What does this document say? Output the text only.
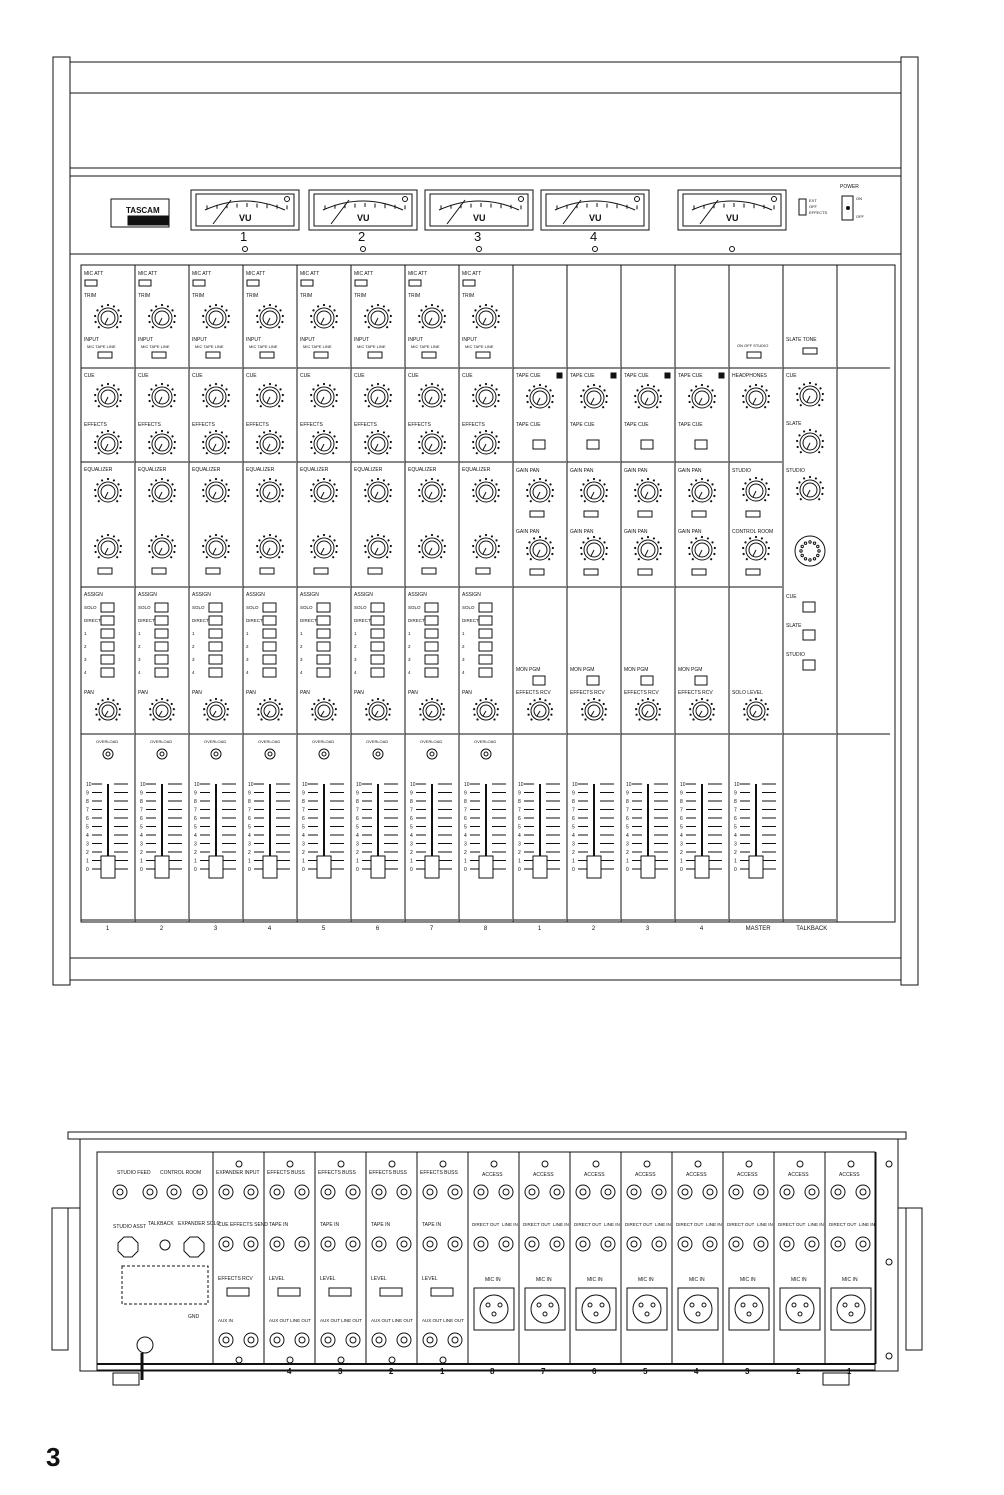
TASCAM
M-35	VU
1
VU
2
VU
3
VU
4
VU
EXT
OFF
EFFECTS
POWER
ON
OFF
MIC ATT
TRIM
INPUT
MIC TAPE LINE
CUE
EFFECTS
EQUALIZER
ASSIGN
SOLO
DIRECT
1
2
3
4
PAN
OVERLOAD
10
9
8
7
6
5
4
3
2
1
0
MIC ATT
TRIM
INPUT
MIC TAPE LINE
CUE
EFFECTS
EQUALIZER
ASSIGN
SOLO
DIRECT
1
2
3
4
PAN
OVERLOAD
10
9
8
7
6
5
4
3
2
1
0
MIC ATT
TRIM
INPUT
MIC TAPE LINE
CUE
EFFECTS
EQUALIZER
ASSIGN
SOLO
DIRECT
1
2
3
4
PAN
OVERLOAD
10
9
8
7
6
5
4
3
2
1
0
MIC ATT
TRIM
INPUT
MIC TAPE LINE
CUE
EFFECTS
EQUALIZER
ASSIGN
SOLO
DIRECT
1
2
3
4
PAN
OVERLOAD
10
9
8
7
6
5
4
3
2
1
0
MIC ATT
TRIM
INPUT
MIC TAPE LINE
CUE
EFFECTS
EQUALIZER
ASSIGN
SOLO
DIRECT
1
2
3
4
PAN
OVERLOAD
10
9
8
7
6
5
4
3
2
1
0
MIC ATT
TRIM
INPUT
MIC TAPE LINE
CUE
EFFECTS
EQUALIZER
ASSIGN
SOLO
DIRECT
1
2
3
4
PAN
OVERLOAD
10
9
8
7
6
5
4
3
2
1
0
MIC ATT
TRIM
INPUT
MIC TAPE LINE
CUE
EFFECTS
EQUALIZER
ASSIGN
SOLO
DIRECT
1
2
3
4
PAN
OVERLOAD
10
9
8
7
6
5
4
3
2
1
0
MIC ATT
TRIM
INPUT
MIC TAPE LINE
CUE
EFFECTS
EQUALIZER
ASSIGN
SOLO
DIRECT
1
2
3
4
PAN
OVERLOAD
10
9
8
7
6
5
4
3
2
1
0
TAPE CUE
TAPE CUE
GAIN PAN
GAIN PAN
MON PGM
EFFECTS RCV
10
9
8
7
6
5
4
3
2
1
0
TAPE CUE
TAPE CUE
GAIN PAN
GAIN PAN
MON PGM
EFFECTS RCV
10
9
8
7
6
5
4
3
2
1
0
TAPE CUE
TAPE CUE
GAIN PAN
GAIN PAN
MON PGM
EFFECTS RCV
10
9
8
7
6
5
4
3
2
1
0
TAPE CUE
TAPE CUE
GAIN PAN
GAIN PAN
MON PGM
EFFECTS RCV
10
9
8
7
6
5
4
3
2
1
0
ON OFF STUDIO
HEADPHONES
STUDIO
CONTROL ROOM
SOLO LEVEL
10
9
8
7
6
5
4
3
2
1
0
SLATE TONE
CUE
SLATE
STUDIO
CUE
SLATE
STUDIO
1	2	3	4	5	6	7	8	1	2	3	4	MASTER	TALKBACK
STUDIO FEED CONTROL ROOM
STUDIO ASST TALKBACK EXPANDER SOLO
GND
EXPANDER INPUT
CUE EFFECTS SEND
EFFECTS RCV
AUX IN
EFFECTS BUSS
TAPE IN
LEVEL
AUX OUT LINE OUT
4
EFFECTS BUSS
TAPE IN
LEVEL
AUX OUT LINE OUT
3
EFFECTS BUSS
TAPE IN
LEVEL
AUX OUT LINE OUT
2
EFFECTS BUSS
TAPE IN
LEVEL
AUX OUT LINE OUT
1
ACCESS
DIRECT OUT LINE IN
MIC IN
8
ACCESS
DIRECT OUT LINE IN
MIC IN
7
ACCESS
DIRECT OUT LINE IN
MIC IN
6
ACCESS
DIRECT OUT LINE IN
MIC IN
5
ACCESS
DIRECT OUT LINE IN
MIC IN
4
ACCESS
DIRECT OUT LINE IN
MIC IN
3
ACCESS
DIRECT OUT LINE IN
MIC IN
2
ACCESS
DIRECT OUT LINE IN
MIC IN
1
3
